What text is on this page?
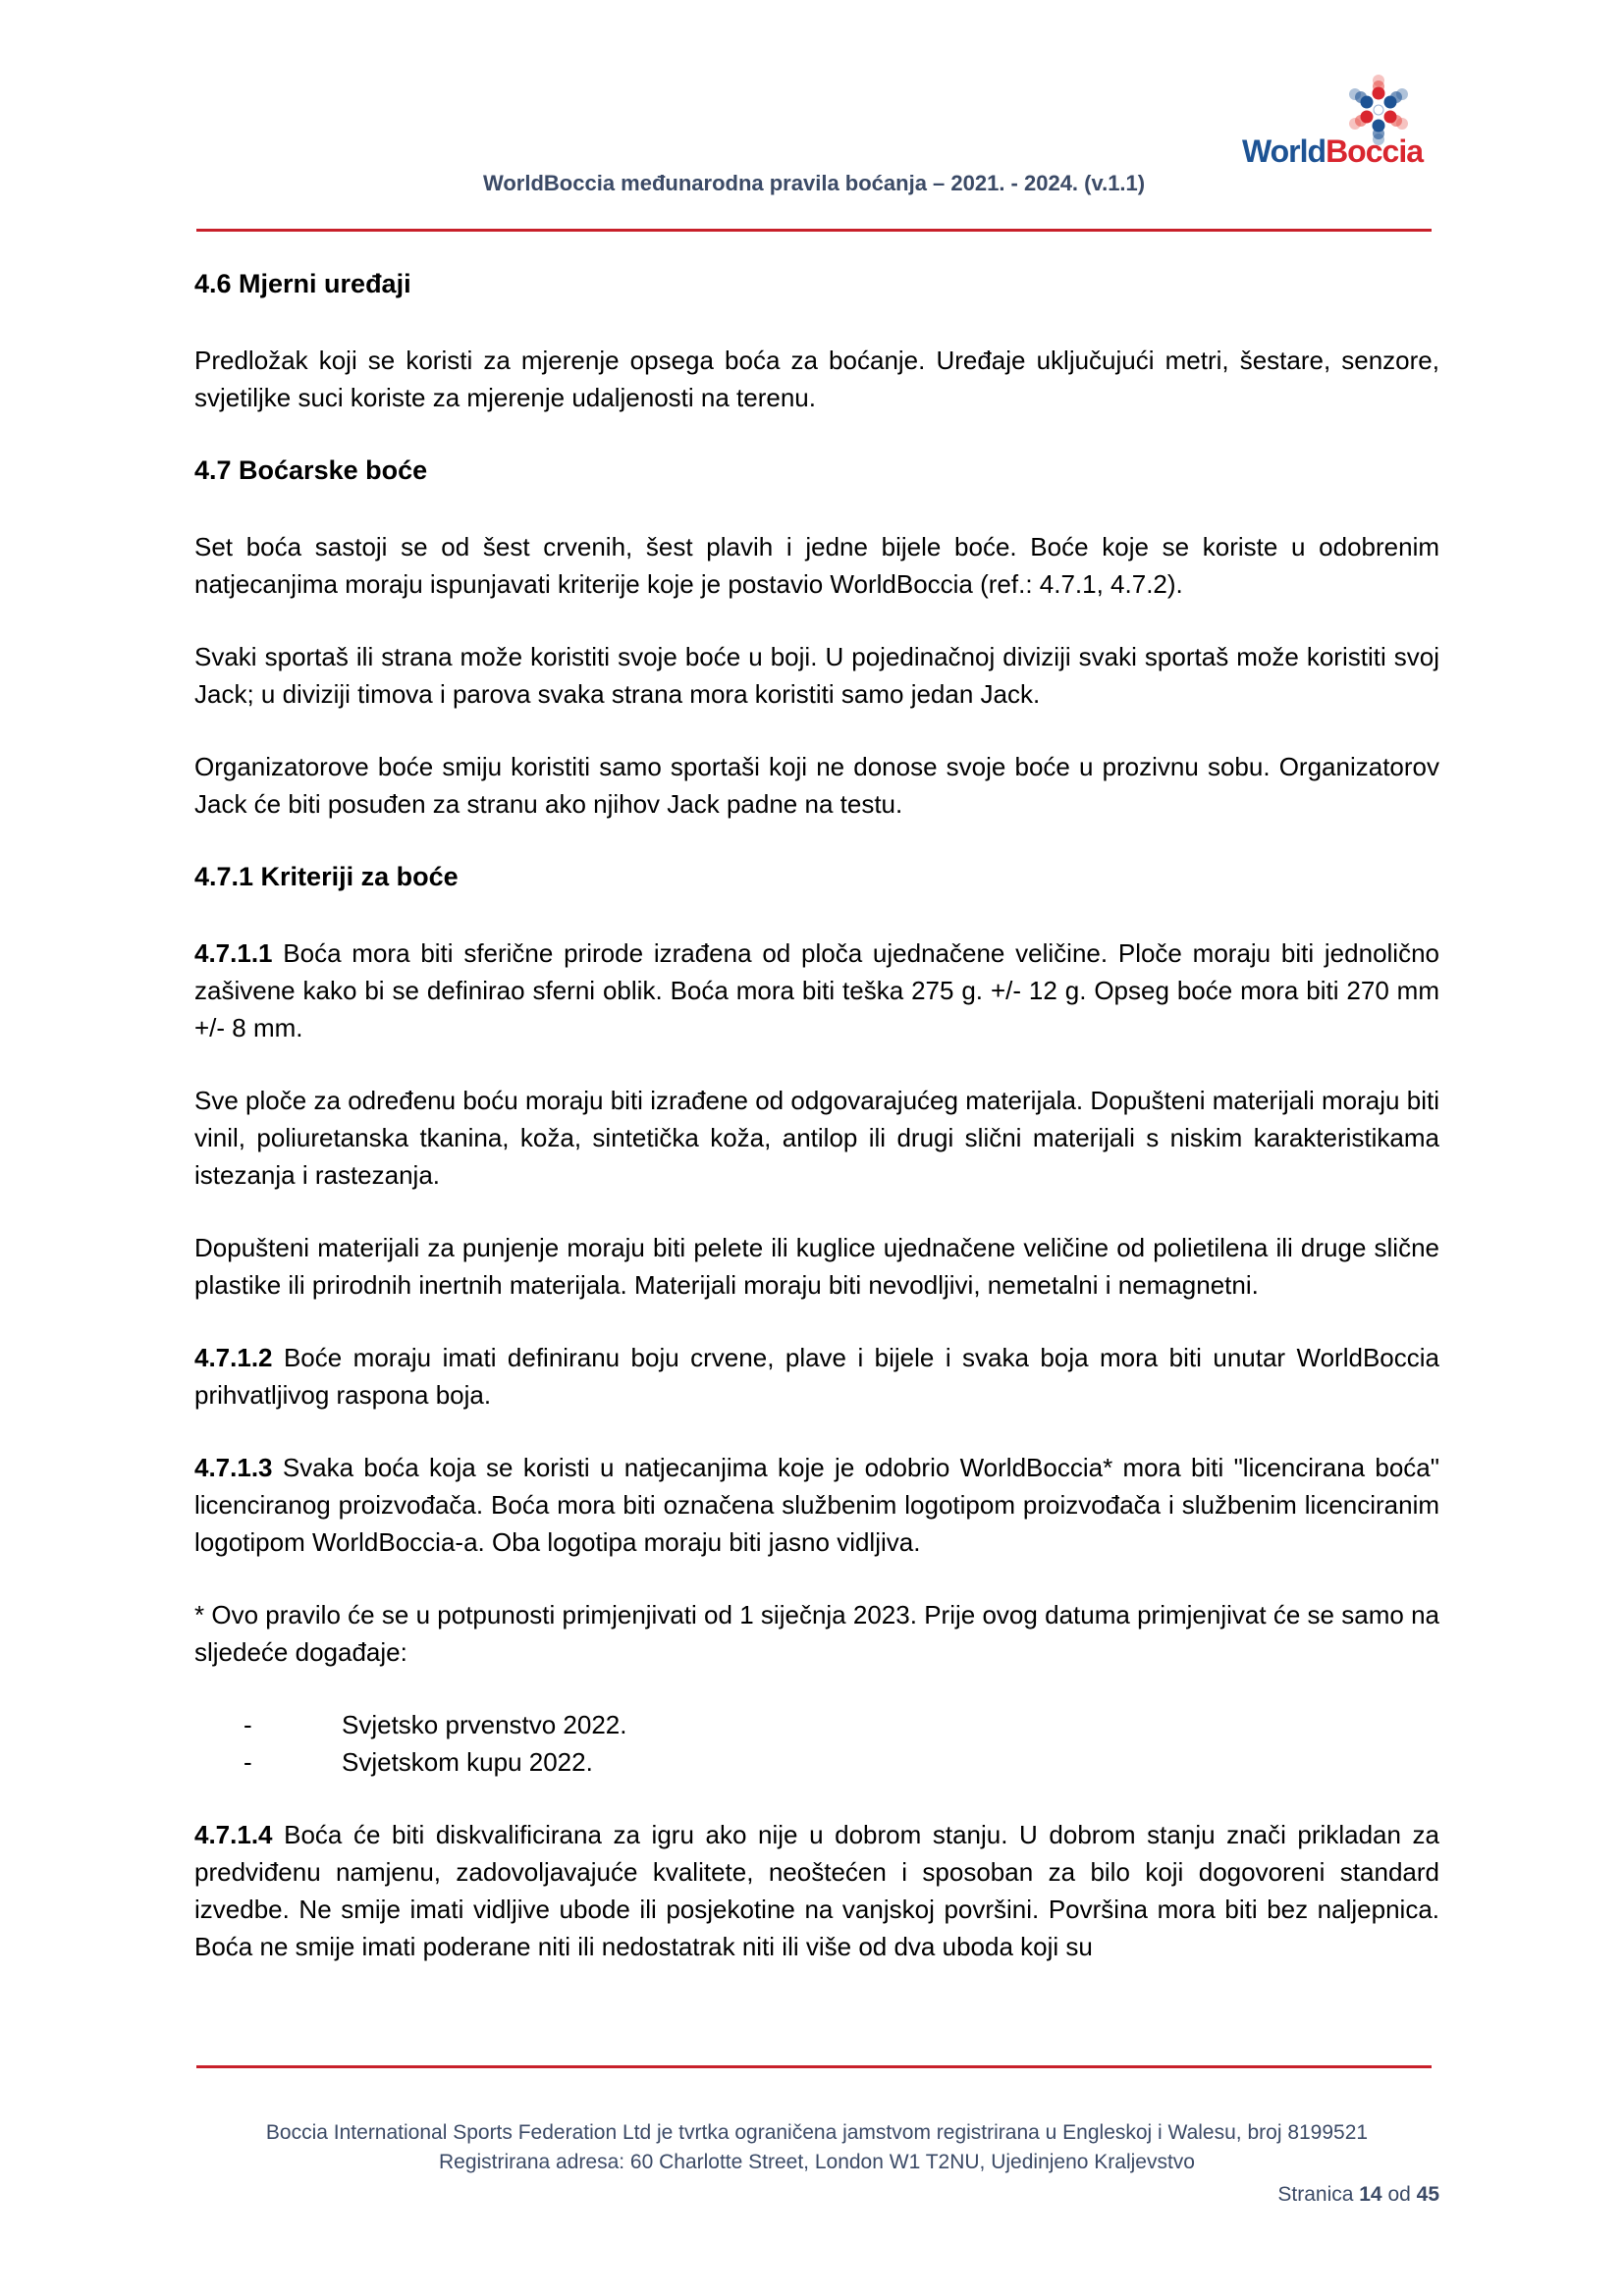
WorldBoccia međunarodna pravila boćanja – 2021. - 2024. (v.1.1)
WorldBoccia
4.6 Mjerni uređaji

Predložak koji se koristi za mjerenje opsega boća za boćanje. Uređaje uključujući metri, šestare, senzore, svjetiljke suci koriste za mjerenje udaljenosti na terenu.

4.7 Boćarske boće

Set boća sastoji se od šest crvenih, šest plavih i jedne bijele boće. Boće koje se koriste u odobrenim natjecanjima moraju ispunjavati kriterije koje je postavio WorldBoccia (ref.: 4.7.1, 4.7.2).

Svaki sportaš ili strana može koristiti svoje boće u boji. U pojedinačnoj diviziji svaki sportaš može koristiti svoj Jack; u diviziji timova i parova svaka strana mora koristiti samo jedan Jack.

Organizatorove boće smiju koristiti samo sportaši koji ne donose svoje boće u prozivnu sobu. Organizatorov Jack će biti posuđen za stranu ako njihov Jack padne na testu.

4.7.1 Kriteriji za boće

4.7.1.1 Boća mora biti sferične prirode izrađena od ploča ujednačene veličine. Ploče moraju biti jednolično zašivene kako bi se definirao sferni oblik. Boća mora biti teška 275 g. +/- 12 g. Opseg boće mora biti 270 mm +/- 8 mm.

Sve ploče za određenu boću moraju biti izrađene od odgovarajućeg materijala. Dopušteni materijali moraju biti vinil, poliuretanska tkanina, koža, sintetička koža, antilop ili drugi slični materijali s niskim karakteristikama istezanja i rastezanja.

Dopušteni materijali za punjenje moraju biti pelete ili kuglice ujednačene veličine od polietilena ili druge slične plastike ili prirodnih inertnih materijala. Materijali moraju biti nevodljivi, nemetalni i nemagnetni.

4.7.1.2 Boće moraju imati definiranu boju crvene, plave i bijele i svaka boja mora biti unutar WorldBoccia prihvatljivog raspona boja.

4.7.1.3 Svaka boća koja se koristi u natjecanjima koje je odobrio WorldBoccia* mora biti "licencirana boća" licenciranog proizvođača. Boća mora biti označena službenim logotipom proizvođača i službenim licenciranim logotipom WorldBoccia-a. Oba logotipa moraju biti jasno vidljiva.

* Ovo pravilo će se u potpunosti primjenjivati od 1 siječnja 2023. Prije ovog datuma primjenjivat će se samo na sljedeće događaje:

-	Svjetsko prvenstvo 2022.
-	Svjetskom kupu 2022.

4.7.1.4 Boća će biti diskvalificirana za igru ako nije u dobrom stanju. U dobrom stanju znači prikladan za predviđenu namjenu, zadovoljavajuće kvalitete, neoštećen i sposoban za bilo koji dogovoreni standard izvedbe. Ne smije imati vidljive ubode ili posjekotine na vanjskoj površini. Površina mora biti bez naljepnica. Boća ne smije imati poderane niti ili nedostatrak niti ili više od dva uboda koji su

Boccia International Sports Federation Ltd je tvrtka ograničena jamstvom registrirana u Engleskoj i Walesu, broj 8199521
Registrirana adresa: 60 Charlotte Street, London W1 T2NU, Ujedinjeno Kraljevstvo
Stranica 14 od 45
